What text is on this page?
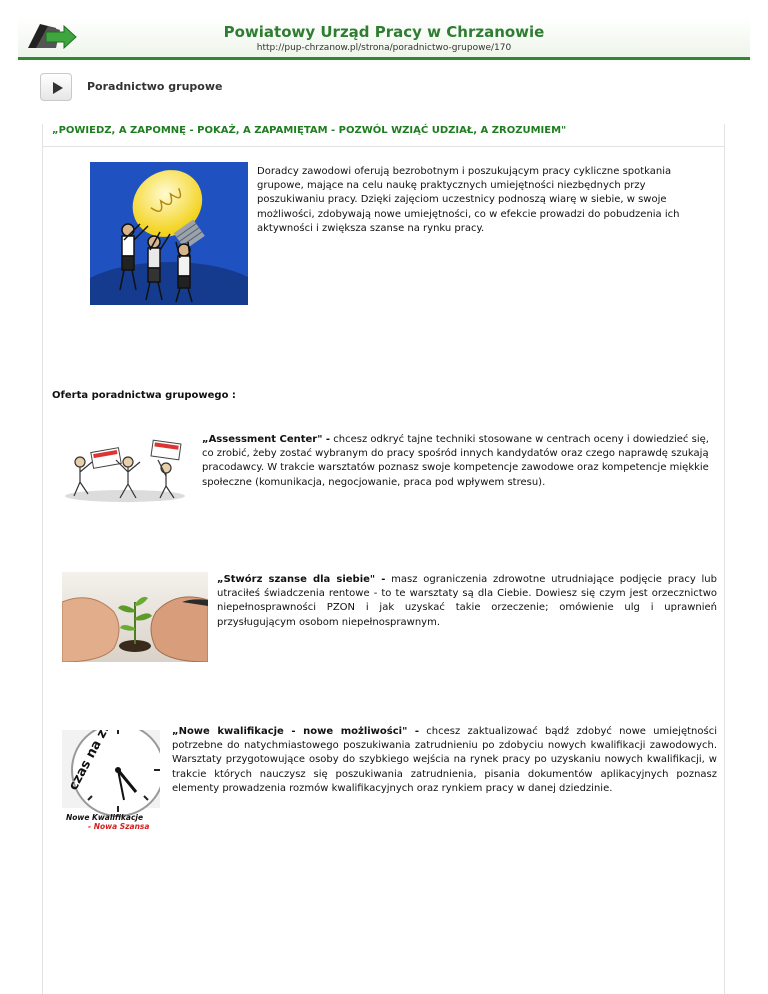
Powiatowy Urząd Pracy w Chrzanowie
http://pup-chrzanow.pl/strona/poradnictwo-grupowe/170
Poradnictwo grupowe
„POWIEDZ, A ZAPOMNĘ - POKAŻ, A ZAPAMIĘTAM - POZWÓL WZIĄĆ UDZIAŁ, A ZROZUMIEM"
Doradcy zawodowi oferują bezrobotnym i poszukującym pracy cykliczne spotkania grupowe, mające na celu naukę praktycznych umiejętności niezbędnych przy poszukiwaniu pracy. Dzięki zajęciom uczestnicy podnoszą wiarę w siebie, w swoje możliwości, zdobywają nowe umiejętności, co w efekcie prowadzi do pobudzenia ich aktywności i zwiększa szanse na rynku pracy.
Oferta poradnictwa grupowego :
„Assessment Center" - chcesz odkryć tajne techniki stosowane w centrach oceny i dowiedzieć się, co zrobić, żeby zostać wybranym do pracy spośród innych kandydatów oraz czego naprawdę szukają pracodawcy. W trakcie warsztatów poznasz swoje kompetencje zawodowe oraz kompetencje miękkie społeczne (komunikacja, negocjowanie, praca pod wpływem stresu).
„Stwórz szanse dla siebie" - masz ograniczenia zdrowotne utrudniające podjęcie pracy lub utraciłeś świadczenia rentowe - to te warsztaty są dla Ciebie. Dowiesz się czym jest orzecznictwo niepełnosprawności PZON i jak uzyskać takie orzeczenie; omówienie ulg i uprawnień przysługującym osobom niepełnosprawnym.
czas na
Nowe Kwalifikacje
- Nowa Szansa
„Nowe kwalifikacje - nowe możliwości" - chcesz zaktualizować bądź zdobyć nowe umiejętności potrzebne do natychmiastowego poszukiwania zatrudnieniu po zdobyciu nowych kwalifikacji zawodowych. Warsztaty przygotowujące osoby do szybkiego wejścia na rynek pracy po uzyskaniu nowych kwalifikacji, w trakcie których nauczysz się poszukiwania zatrudnienia, pisania dokumentów aplikacyjnych poznasz elementy prowadzenia rozmów kwalifikacyjnych oraz rynkiem pracy w danej dziedzinie.
